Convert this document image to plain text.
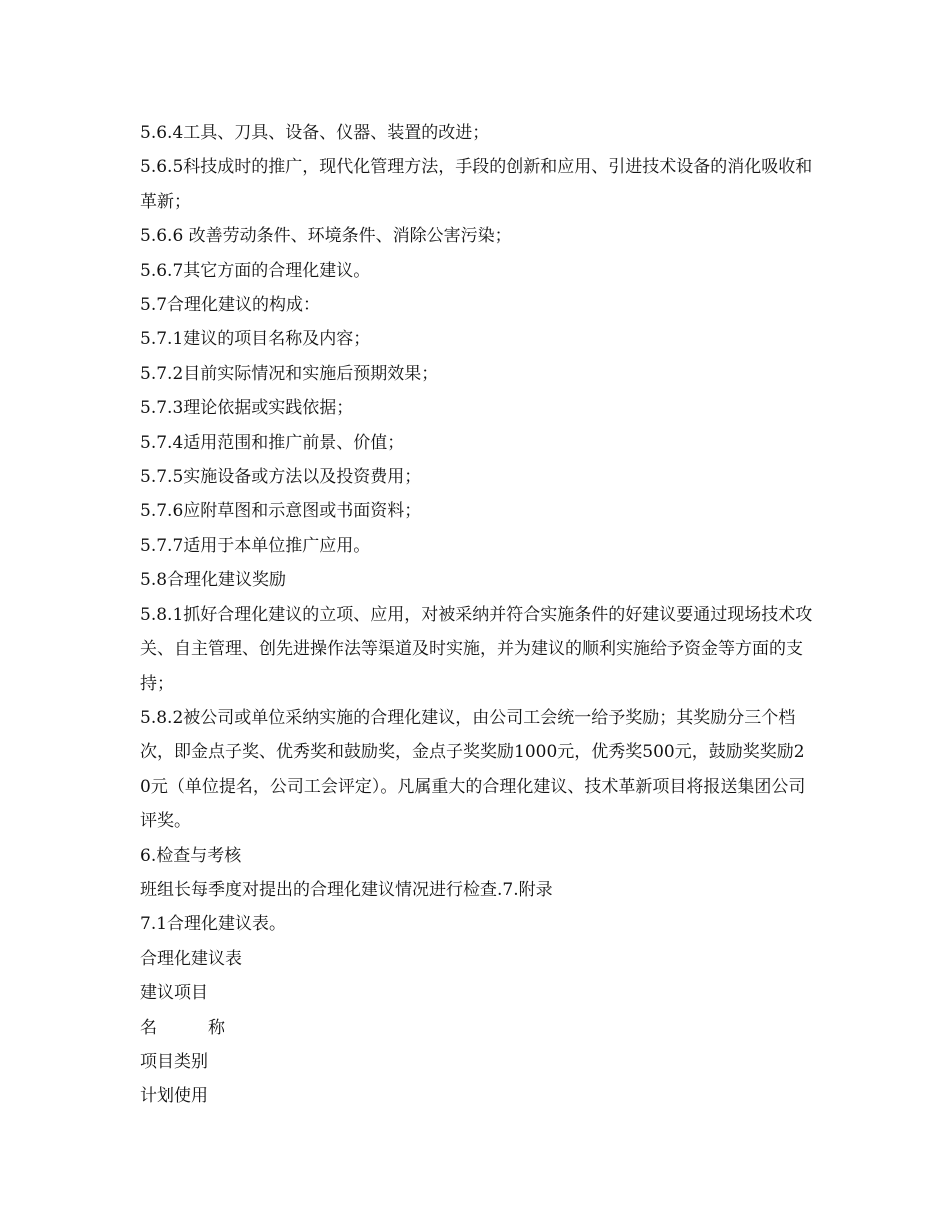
5.6.4工具、刀具、设备、仪器、装置的改进；

5.6.5科技成时的推广，现代化管理方法，手段的创新和应用、引进技术设备的消化吸收和革新；

5.6.6 改善劳动条件、环境条件、消除公害污染；

5.6.7其它方面的合理化建议。

5.7合理化建议的构成：

5.7.1建议的项目名称及内容；

5.7.2目前实际情况和实施后预期效果；

5.7.3理论依据或实践依据；

5.7.4适用范围和推广前景、价值；

5.7.5实施设备或方法以及投资费用；

5.7.6应附草图和示意图或书面资料；

5.7.7适用于本单位推广应用。

5.8合理化建议奖励

5.8.1抓好合理化建议的立项、应用，对被采纳并符合实施条件的好建议要通过现场技术攻关、自主管理、创先进操作法等渠道及时实施，并为建议的顺利实施给予资金等方面的支持；

5.8.2被公司或单位采纳实施的合理化建议，由公司工会统一给予奖励；其奖励分三个档次，即金点子奖、优秀奖和鼓励奖，金点子奖奖励1000元，优秀奖500元，鼓励奖奖励20元（单位提名，公司工会评定）。凡属重大的合理化建议、技术革新项目将报送集团公司评奖。

6.检查与考核

班组长每季度对提出的合理化建议情况进行检查.7.附录

7.1合理化建议表。

合理化建议表

建议项目

名　　　称

项目类别

计划使用
